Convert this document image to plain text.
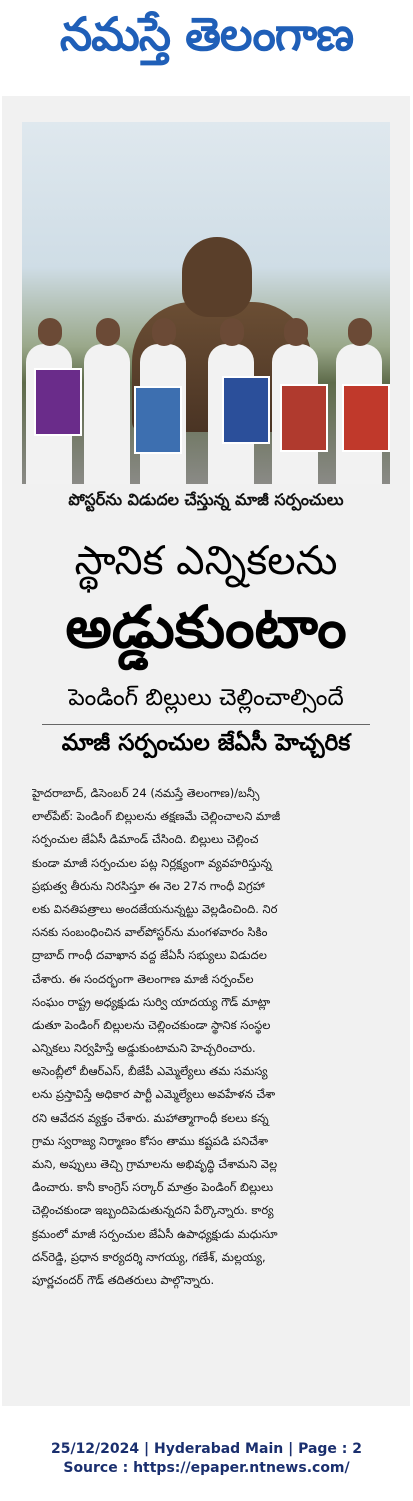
నమస్తే తెలంగాణ
పోస్టర్‌ను విడుదల చేస్తున్న మాజీ సర్పంచులు
స్థానిక ఎన్నికలను
అడ్డుకుంటాం
పెండింగ్ బిల్లులు చెల్లించాల్సిందే
మాజీ సర్పంచుల జేఏసీ హెచ్చరిక

హైదరాబాద్, డిసెంబర్ 24 (నమస్తే తెలంగాణ)/బన్సీ

లాల్‌పేట్: పెండింగ్ బిల్లులను తక్షణమే చెల్లించాలని మాజీ

సర్పంచుల జేఏసీ డిమాండ్ చేసింది. బిల్లులు చెల్లించ

కుండా మాజీ సర్పంచుల పట్ల నిర్లక్ష్యంగా వ్యవహరిస్తున్న

ప్రభుత్వ తీరును నిరసిస్తూ ఈ నెల 27న గాంధీ విగ్రహా

లకు వినతిపత్రాలు అందజేయనున్నట్టు వెల్లడించింది. నిర

సనకు సంబంధించిన వాల్‌పోస్టర్‌ను మంగళవారం సికిం

ద్రాబాద్ గాంధీ దవాఖాన వద్ద జేఏసీ సభ్యులు విడుదల

చేశారు. ఈ సందర్భంగా తెలంగాణ మాజీ సర్పంచ్‌ల

సంఘం రాష్ట్ర అధ్యక్షుడు సుర్వి యాదయ్య గౌడ్ మాట్లా

డుతూ పెండింగ్ బిల్లులను చెల్లించకుండా స్థానిక సంస్థల

ఎన్నికలు నిర్వహిస్తే అడ్డుకుంటామని హెచ్చరించారు.

అసెంబ్లీలో బీఆర్‌ఎస్, బీజేపీ ఎమ్మెల్యేలు తమ సమస్య

లను ప్రస్తావిస్తే అధికార పార్టీ ఎమ్మెల్యేలు అవహేళన చేశా

రని ఆవేదన వ్యక్తం చేశారు. మహాత్మాగాంధీ కలలు కన్న

గ్రామ స్వరాజ్య నిర్మాణం కోసం తాము కష్టపడి పనిచేశా

మని, అప్పులు తెచ్చి గ్రామాలను అభివృద్ధి చేశామని వెల్ల

డించారు. కానీ కాంగ్రెస్ సర్కార్ మాత్రం పెండింగ్ బిల్లులు

చెల్లించకుండా ఇబ్బందిపెడుతున్నదని పేర్కొన్నారు. కార్య

క్రమంలో మాజీ సర్పంచుల జేఏసీ ఉపాధ్యక్షుడు మధుసూ

దన్‌రెడ్డి, ప్రధాన కార్యదర్శి నాగయ్య, గణేశ్, మల్లయ్య,

పూర్ణచందర్ గౌడ్ తదితరులు పాల్గొన్నారు.

25/12/2024 | Hyderabad Main | Page : 2
Source : https://epaper.ntnews.com/
